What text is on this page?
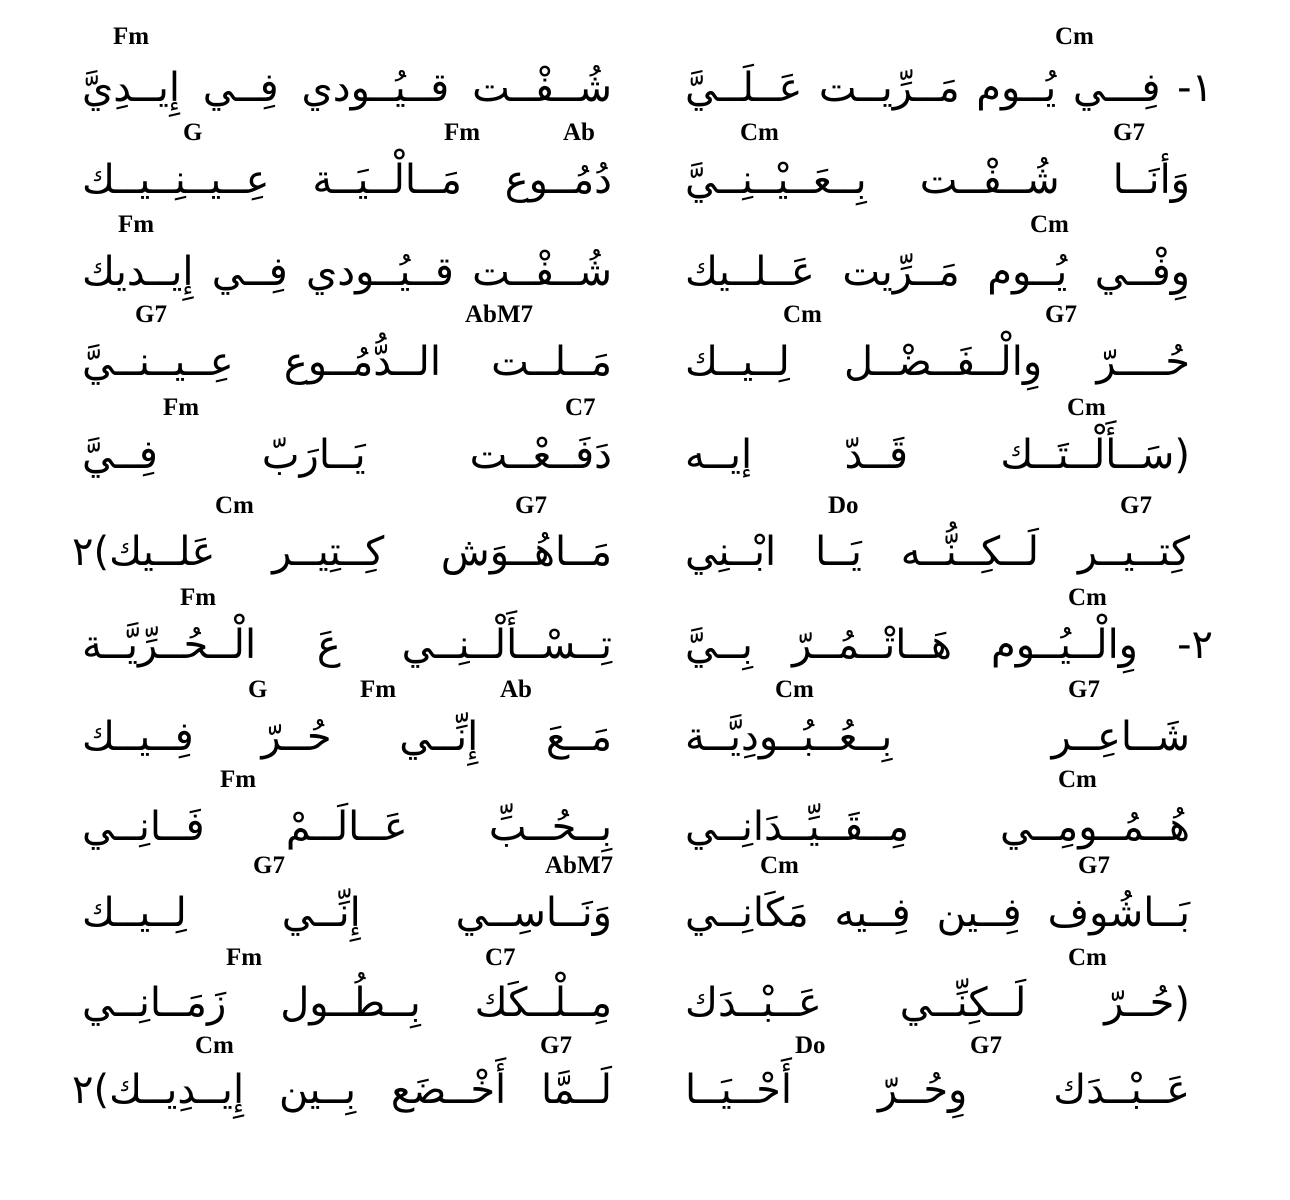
Fm	Cm
شُــفْــت قــيُــودي فِــي إِيــدِيَّ ١- فِـــي يُــوم مَــرِّيــت عَــلَــيَّ
G	Fm	Ab	Cm	G7
دُمُــوع مَــالْــيَــة عِــيــنِــيــك وَأنَــا شُــفْــت بِــعَــيْــنِــيَّ
Fm	Cm
شُــفْــت قــيُــودي فِــي إِيــديك وِفْــي يُــوم مَــرِّيت عَــلــيك
G7	AbM7	Cm	G7
مَــلــت الــدُّمُــوع عِــيــنــيَّ حُــــرّ وِالْــفَــضْــل لِــيــك
Fm	C7	Cm
دَفَــعْــت يَــارَبّ فِــيَّ (سَــأَلْــتَــك قَــدّ إيــه
Cm	G7	Do	G7
مَــاهُــوَش كِــتِيــر عَلــيك)٢ كِتــيــر لَــكِــنُّــه يَــا ابْــنِي
Fm	Cm
تِــسْــأَلْــنِــي عَ الْــحُــرِّيَّــة ٢- وِالْــيُــوم هَــاتْــمُــرّ بِــيَّ
G	Fm	Ab	Cm	G7
مَــعَ إِنِّــي حُــرّ فِــيــك شَــاعِــر بِــعُــبُــودِيَّــة
Fm	Cm
بِــحُــبِّ عَــالَــمْ فَــانِــي هُــمُــومِــي مِــقَــيِّــدَانِــي
G7	AbM7	Cm	G7
وَنَــاسِــي إِنِّــي لِــيــك بَــاشُوف فِــين فِــيه مَكَانِــي
Fm	C7	Cm
مِــلْــكَك بِــطُــول زَمَــانِــي (حُــرّ لَــكِنِّــي عَــبْــدَك
Cm	G7	Do	G7
لَــمَّا أَخْــضَع بِــين إِيــدِيــك)٢ عَــبْــدَك وِحُــرّ أَحْــيَــا
